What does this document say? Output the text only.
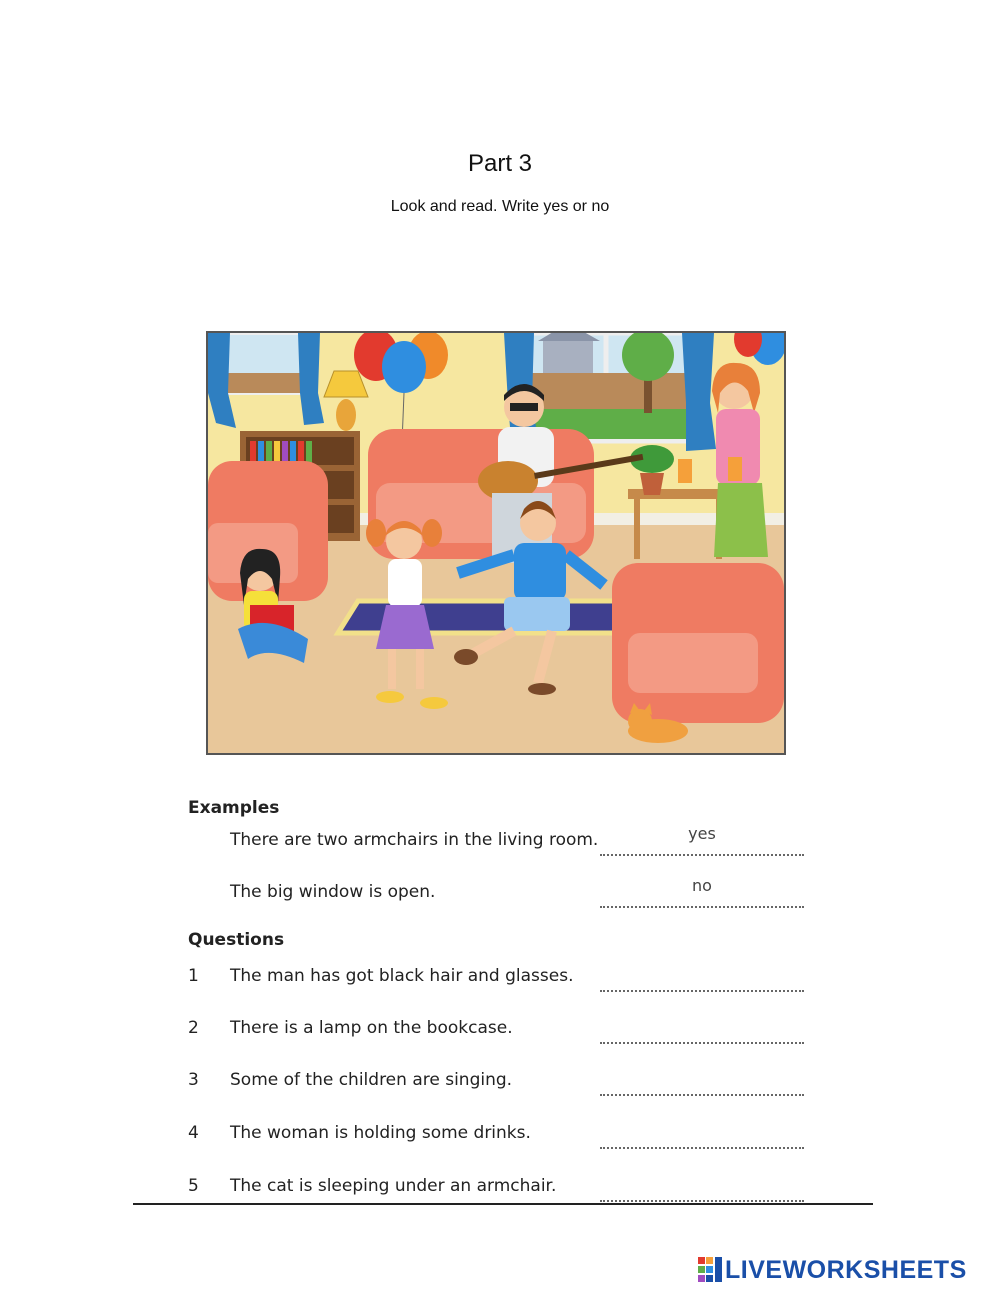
Part 3
Look and read. Write yes or no
Examples
There are two armchairs in the living room.	yes
The big window is open.	no
Questions
1 The man has got black hair and glasses.
2 There is a lamp on the bookcase.
3 Some of the children are singing.
4 The woman is holding some drinks.
5 The cat is sleeping under an armchair.
LIVEWORKSHEETS
